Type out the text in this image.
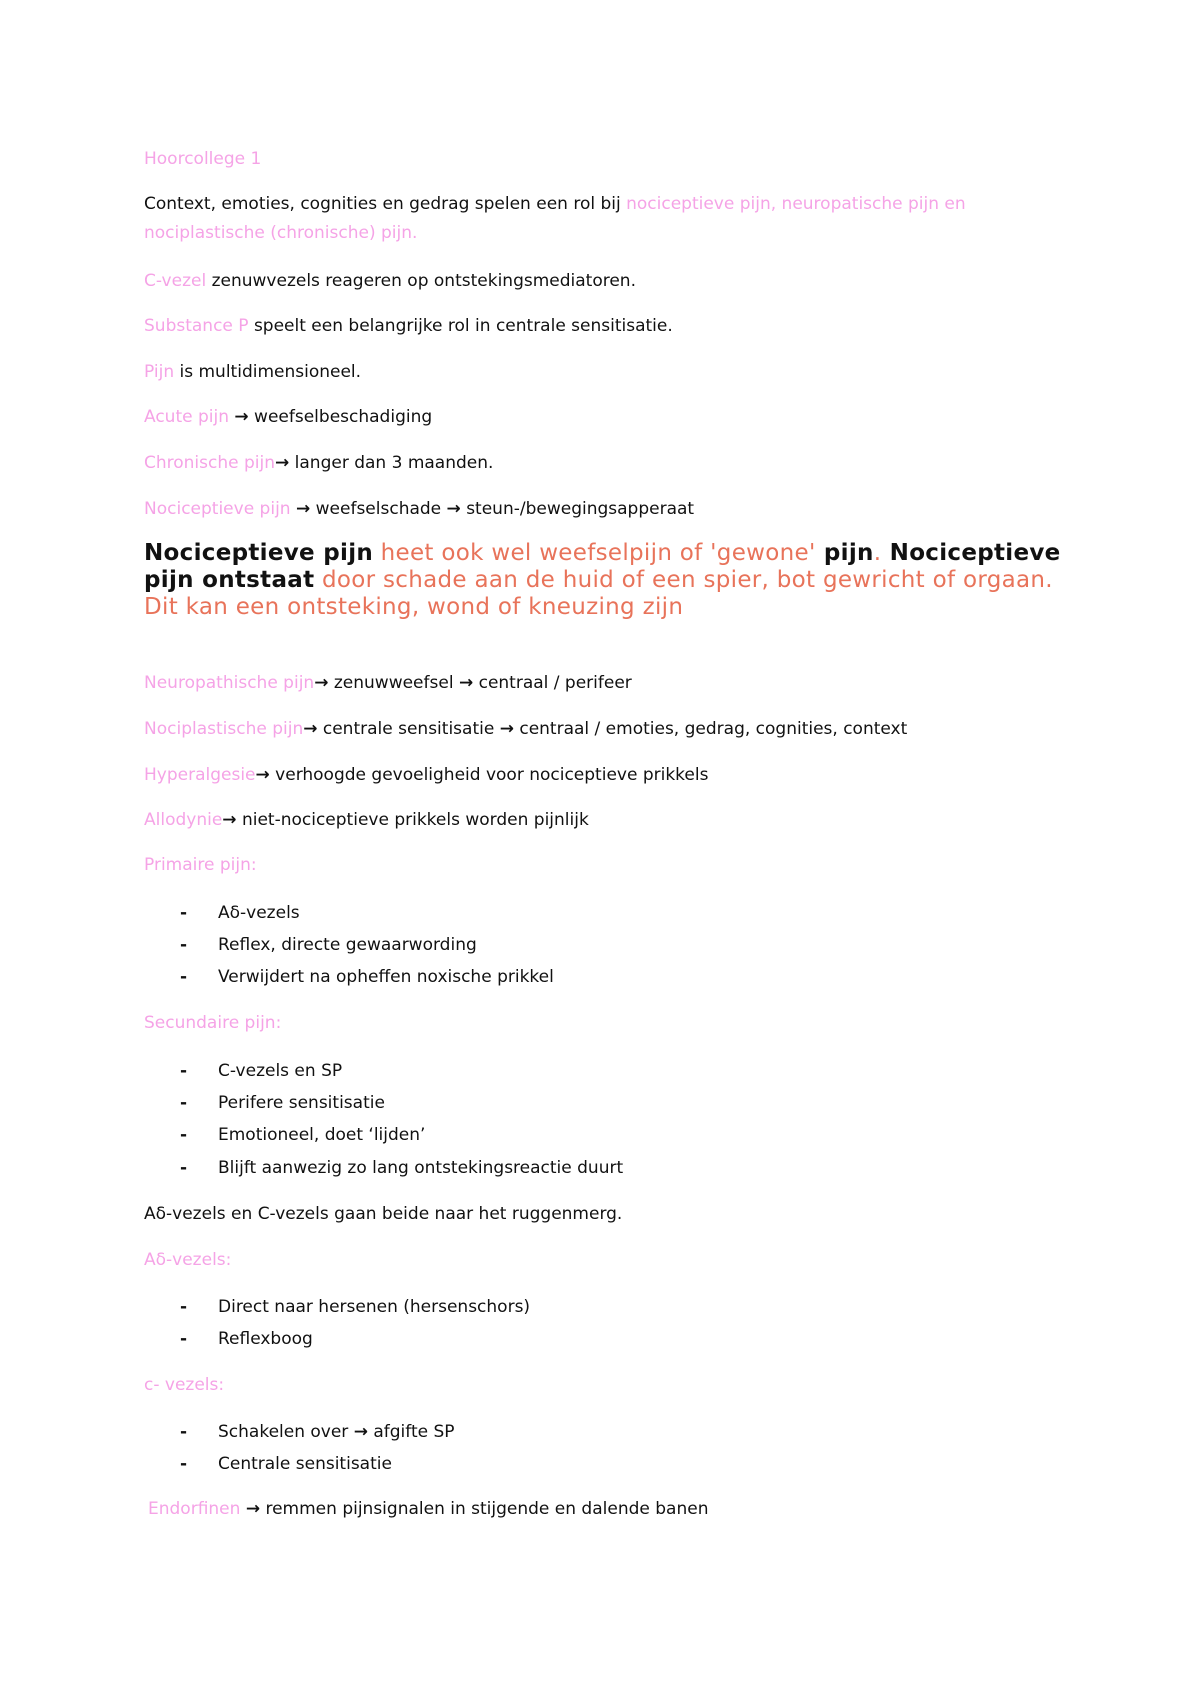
Hoorcollege 1
Context, emoties, cognities en gedrag spelen een rol bij nociceptieve pijn, neuropatische pijn en
nociplastische (chronische) pijn.
C-vezel zenuwvezels reageren op ontstekingsmediatoren.
Substance P speelt een belangrijke rol in centrale sensitisatie.
Pijn is multidimensioneel.
Acute pijn → weefselbeschadiging
Chronische pijn→ langer dan 3 maanden.
Nociceptieve pijn → weefselschade → steun-/bewegingsapperaat
Nociceptieve pijn heet ook wel weefselpijn of 'gewone' pijn. Nociceptieve pijn ontstaat door schade aan de huid of een spier, bot gewricht of orgaan. Dit kan een ontsteking, wond of kneuzing zijn
Neuropathische pijn→ zenuwweefsel → centraal / perifeer
Nociplastische pijn→ centrale sensitisatie → centraal / emoties, gedrag, cognities, context
Hyperalgesie→ verhoogde gevoeligheid voor nociceptieve prikkels
Allodynie→ niet-nociceptieve prikkels worden pijnlijk
Primaire pijn:
- Aδ-vezels
- Reflex, directe gewaarwording
- Verwijdert na opheffen noxische prikkel
Secundaire pijn:
- C-vezels en SP
- Perifere sensitisatie
- Emotioneel, doet ‘lijden’
- Blijft aanwezig zo lang ontstekingsreactie duurt
Aδ-vezels en C-vezels gaan beide naar het ruggenmerg.
Aδ-vezels:
- Direct naar hersenen (hersenschors)
- Reflexboog
c- vezels:
- Schakelen over → afgifte SP
- Centrale sensitisatie
Endorfinen → remmen pijnsignalen in stijgende en dalende banen
